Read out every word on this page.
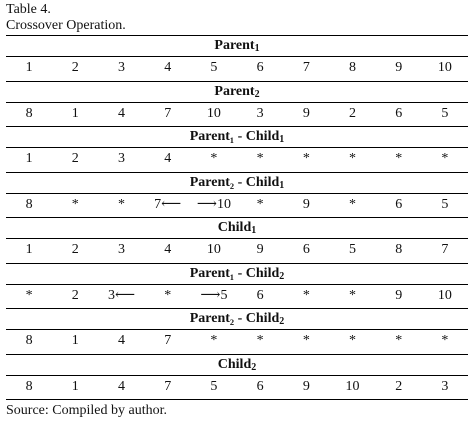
Table 4.
Crossover Operation.
Parent$_1$
1	2	3	4	5	6	7	8	9	10
Parent$_2$
8	1	4	7	10	3	9	2	6	5
Parent₁ - Child$_1$
1	2	3	4	*	*	*	*	*	*
Parent₂ - Child$_1$
8	*	*	7⟵	⟶10	*	9	*	6	5
Child$_1$
1	2	3	4	10	9	6	5	8	7
Parent₁ - Child$_2$
*	2	3⟵	*	⟶5	6	*	*	9	10
Parent₂ - Child$_2$
8	1	4	7	*	*	*	*	*	*
Child$_2$
8	1	4	7	5	6	9	10	2	3
Source: Compiled by author.
